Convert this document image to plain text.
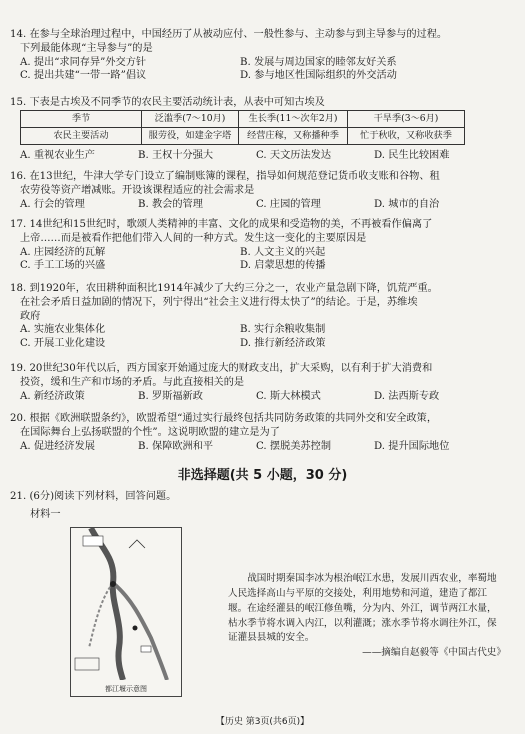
14. 在参与全球治理过程中，中国经历了从被动应付、一般性参与、主动参与到主导参与的过程。
下列最能体现“主导参与”的是
A. 提出“求同存异”外交方针	B. 发展与周边国家的睦邻友好关系
C. 提出共建“一带一路”倡议	D. 参与地区性国际组织的外交活动
15. 下表是古埃及不同季节的农民主要活动统计表，从表中可知古埃及
季节	泛滥季(7～10月)	生长季(11～次年2月)	干旱季(3～6月)
农民主要活动	服劳役，如建金字塔	经营庄稼，又称播种季	忙于秋收，又称收获季
A. 重视农业生产	B. 王权十分强大	C. 天文历法发达	D. 民生比较困难
16. 在13世纪，牛津大学专门设立了编制账簿的课程，指导如何规范登记货币收支账和谷物、租
农劳役等资产增减账。开设该课程适应的社会需求是
A. 行会的管理	B. 教会的管理	C. 庄园的管理	D. 城市的自治
17. 14世纪和15世纪时，歌颂人类精神的丰富、文化的成果和受造物的美，不再被看作偏离了
上帝……而是被看作把他们带入人间的一种方式。发生这一变化的主要原因是
A. 庄园经济的瓦解	B. 人文主义的兴起
C. 手工工场的兴盛	D. 启蒙思想的传播
18. 到1920年，农田耕种面积比1914年减少了大约三分之一，农业产量急剧下降，饥荒严重。
在社会矛盾日益加剧的情况下，列宁得出“社会主义进行得太快了”的结论。于是，苏维埃
政府
A. 实施农业集体化	B. 实行余粮收集制
C. 开展工业化建设	D. 推行新经济政策
19. 20世纪30年代以后，西方国家开始通过庞大的财政支出，扩大采购，以有利于扩大消费和
投资，缓和生产和市场的矛盾。与此直接相关的是
A. 新经济政策	B. 罗斯福新政	C. 斯大林模式	D. 法西斯专政
20. 根据《欧洲联盟条约》，欧盟希望“通过实行最终包括共同防务政策的共同外交和安全政策，
在国际舞台上弘扬联盟的个性”。这说明欧盟的建立是为了
A. 促进经济发展	B. 保障欧洲和平	C. 摆脱美苏控制	D. 提升国际地位
非选择题(共 5 小题，30 分)
21. (6分)阅读下列材料，回答问题。
材料一
都江堰示意图
战国时期秦国李冰为根治岷江水患，发展川西农业，率蜀地人民选择高山与平原的交接处，利用地势和河道，建造了都江堰。在途经灌县的岷江修鱼嘴，分为内、外江，调节两江水量，枯水季节将水调入内江，以利灌溉；涨水季节将水调往外江，保证灌县县城的安全。
——摘编自赵毅等《中国古代史》
【历史 第3页(共6页)】
